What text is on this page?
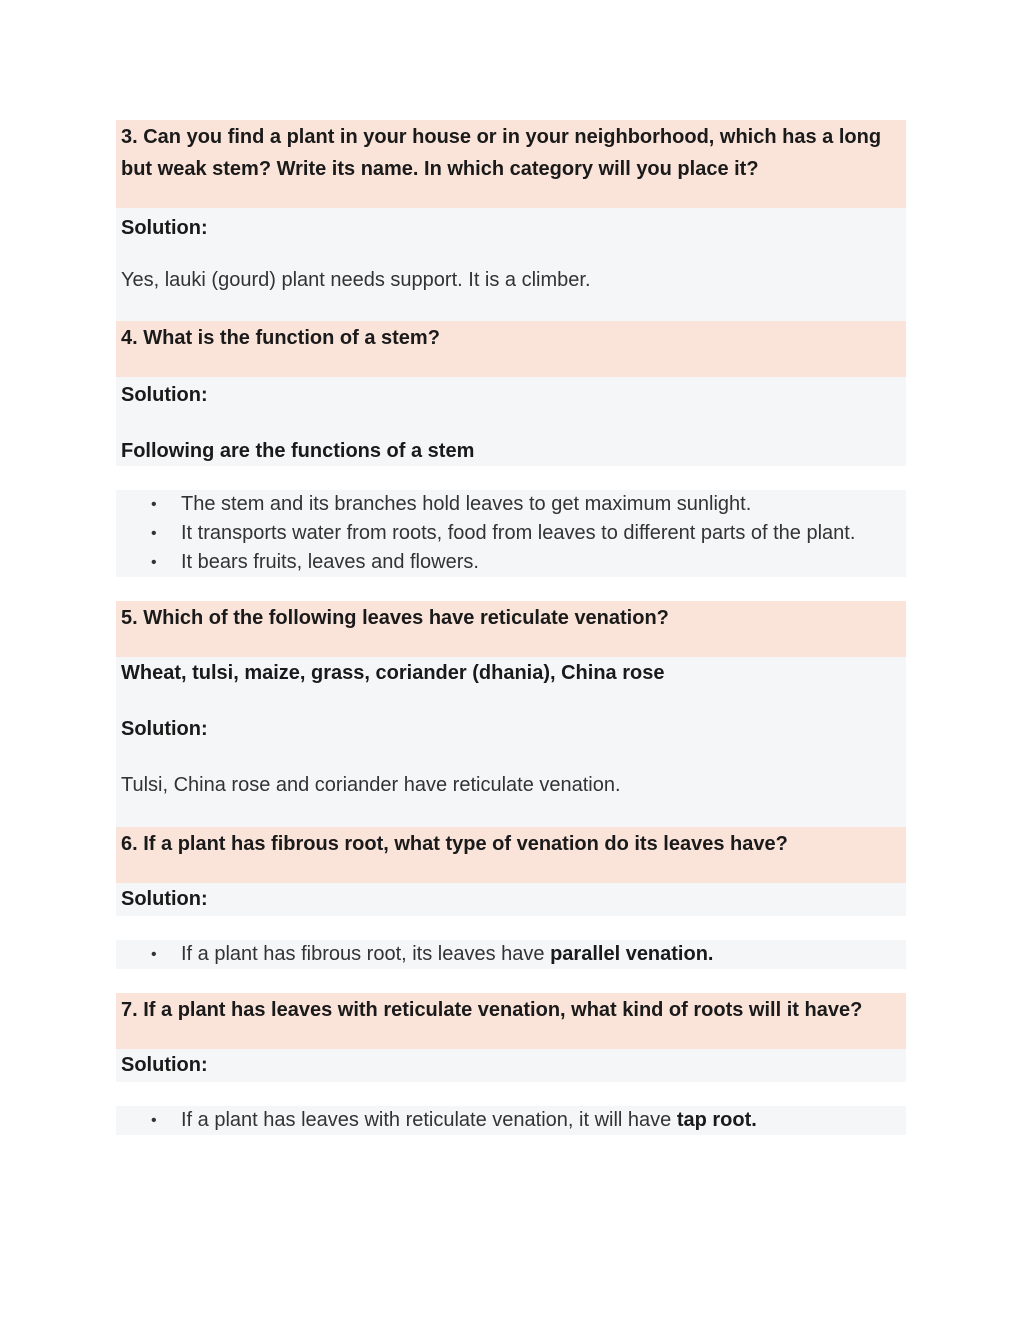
3. Can you find a plant in your house or in your neighborhood, which has a long but weak stem? Write its name. In which category will you place it?
Solution:
Yes, lauki (gourd) plant needs support. It is a climber.
4. What is the function of a stem?
Solution:
Following are the functions of a stem
• The stem and its branches hold leaves to get maximum sunlight.
• It transports water from roots, food from leaves to different parts of the plant.
• It bears fruits, leaves and flowers.
5. Which of the following leaves have reticulate venation?
Wheat, tulsi, maize, grass, coriander (dhania), China rose
Solution:
Tulsi, China rose and coriander have reticulate venation.
6. If a plant has fibrous root, what type of venation do its leaves have?
Solution:
• If a plant has fibrous root, its leaves have parallel venation.
7. If a plant has leaves with reticulate venation, what kind of roots will it have?
Solution:
• If a plant has leaves with reticulate venation, it will have tap root.
